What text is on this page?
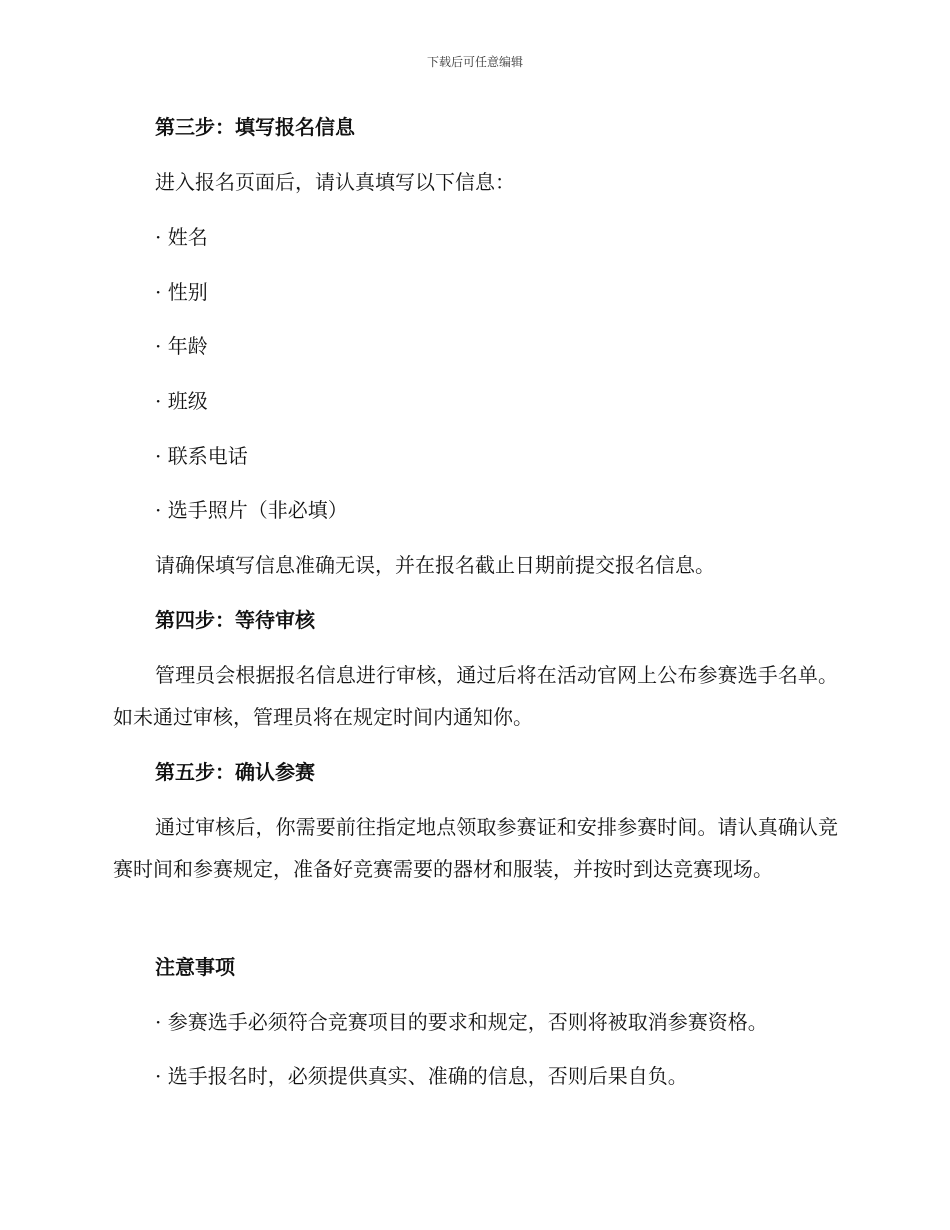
下载后可任意编辑
第三步：填写报名信息
进入报名页面后，请认真填写以下信息：
· 姓名
· 性别
· 年龄
· 班级
· 联系电话
· 选手照片（非必填）
请确保填写信息准确无误，并在报名截止日期前提交报名信息。
第四步：等待审核
管理员会根据报名信息进行审核，通过后将在活动官网上公布参赛选手名单。如未通过审核，管理员将在规定时间内通知你。
第五步：确认参赛
通过审核后，你需要前往指定地点领取参赛证和安排参赛时间。请认真确认竞赛时间和参赛规定，准备好竞赛需要的器材和服装，并按时到达竞赛现场。
注意事项
· 参赛选手必须符合竞赛项目的要求和规定，否则将被取消参赛资格。
· 选手报名时，必须提供真实、准确的信息，否则后果自负。
